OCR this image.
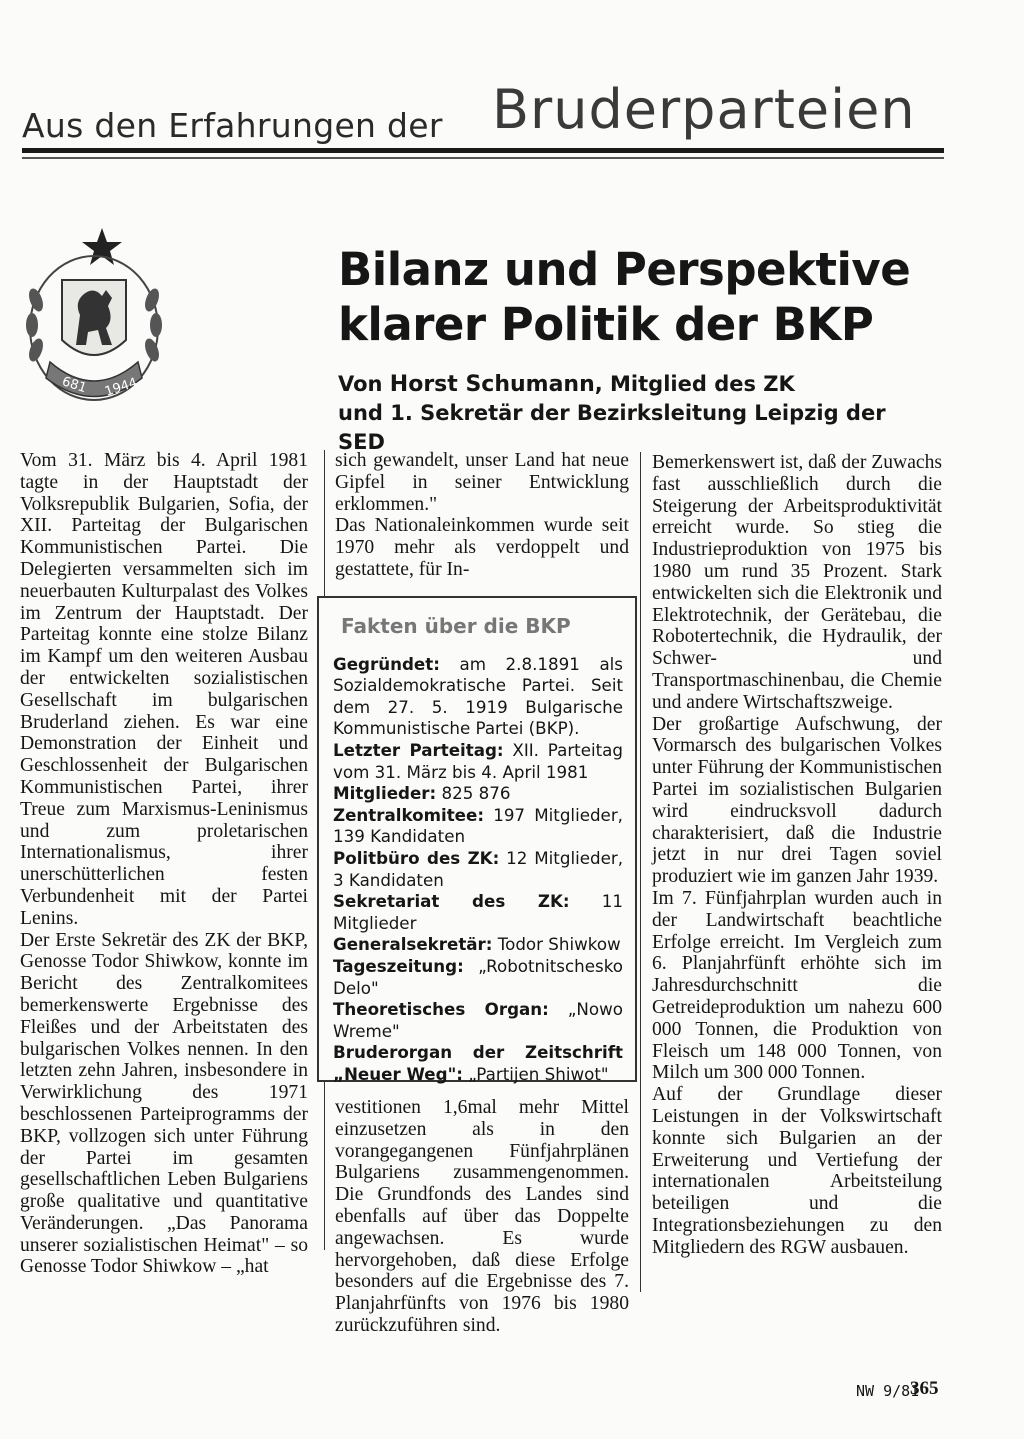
Aus den Erfahrungen der Bruderparteien
681 1944
Bilanz und Perspektive
klarer Politik der BKP
Von Horst Schumann, Mitglied des ZK
und 1. Sekretär der Bezirksleitung Leipzig der SED

Vom 31. März bis 4. April 1981 tagte in der Hauptstadt der Volksrepublik Bulgarien, Sofia, der XII. Parteitag der Bulgarischen Kommunistischen Partei. Die Delegierten versammelten sich im neuerbauten Kulturpalast des Volkes im Zentrum der Hauptstadt. Der Parteitag konnte eine stolze Bilanz im Kampf um den weiteren Ausbau der entwickelten sozialistischen Gesellschaft im bulgarischen Bruderland ziehen. Es war eine Demonstration der Einheit und Geschlossenheit der Bulgarischen Kommunistischen Partei, ihrer Treue zum Marxismus-Leninismus und zum proletarischen Internationalismus, ihrer unerschütterlichen festen Verbundenheit mit der Partei Lenins.

Der Erste Sekretär des ZK der BKP, Genosse Todor Shiwkow, konnte im Bericht des Zentralkomitees bemerkenswerte Ergebnisse des Fleißes und der Arbeitstaten des bulgarischen Volkes nennen. In den letzten zehn Jahren, insbesondere in Verwirklichung des 1971 beschlossenen Parteiprogramms der BKP, vollzogen sich unter Führung der Partei im gesamten gesellschaftlichen Leben Bulgariens große qualitative und quantitative Veränderungen. „Das Panorama unserer sozialistischen Heimat" – so Genosse Todor Shiwkow – „hat

sich gewandelt, unser Land hat neue Gipfel in seiner Entwicklung erklommen."

Das Nationaleinkommen wurde seit 1970 mehr als verdoppelt und gestattete, für In-

Fakten über die BKP
Gegründet: am 2.8.1891 als Sozialdemokratische Partei. Seit dem 27. 5. 1919 Bulgarische Kommunistische Partei (BKP).
Letzter Parteitag: XII. Parteitag vom 31. März bis 4. April 1981
Mitglieder: 825 876
Zentralkomitee: 197 Mitglieder, 139 Kandidaten
Politbüro des ZK: 12 Mitglieder, 3 Kandidaten
Sekretariat des ZK: 11 Mitglieder
Generalsekretär: Todor Shiwkow
Tageszeitung: „Robotnitschesko Delo"
Theoretisches Organ: „Nowo Wreme"
Bruderorgan der Zeitschrift „Neuer Weg": „Partijen Shiwot"

vestitionen 1,6mal mehr Mittel einzusetzen als in den vorangegangenen Fünfjahrplänen Bulgariens zusammengenommen. Die Grundfonds des Landes sind ebenfalls auf über das Doppelte angewachsen. Es wurde hervorgehoben, daß diese Erfolge besonders auf die Ergebnisse des 7. Planjahrfünfts von 1976 bis 1980 zurückzuführen sind.

Bemerkenswert ist, daß der Zuwachs fast ausschließlich durch die Steigerung der Arbeitsproduktivität erreicht wurde. So stieg die Industrieproduktion von 1975 bis 1980 um rund 35 Prozent. Stark entwickelten sich die Elektronik und Elektrotechnik, der Gerätebau, die Robotertechnik, die Hydraulik, der Schwer- und Transportmaschinenbau, die Chemie und andere Wirtschaftszweige.

Der großartige Aufschwung, der Vormarsch des bulgarischen Volkes unter Führung der Kommunistischen Partei im sozialistischen Bulgarien wird eindrucksvoll dadurch charakterisiert, daß die Industrie jetzt in nur drei Tagen soviel produziert wie im ganzen Jahr 1939.

Im 7. Fünfjahrplan wurden auch in der Landwirtschaft beachtliche Erfolge erreicht. Im Vergleich zum 6. Planjahrfünft erhöhte sich im Jahresdurchschnitt die Getreideproduktion um nahezu 600 000 Tonnen, die Produktion von Fleisch um 148 000 Tonnen, von Milch um 300 000 Tonnen.

Auf der Grundlage dieser Leistungen in der Volkswirtschaft konnte sich Bulgarien an der Erweiterung und Vertiefung der internationalen Arbeitsteilung beteiligen und die Integrationsbeziehungen zu den Mitgliedern des RGW ausbauen.

NW 9/81
365
